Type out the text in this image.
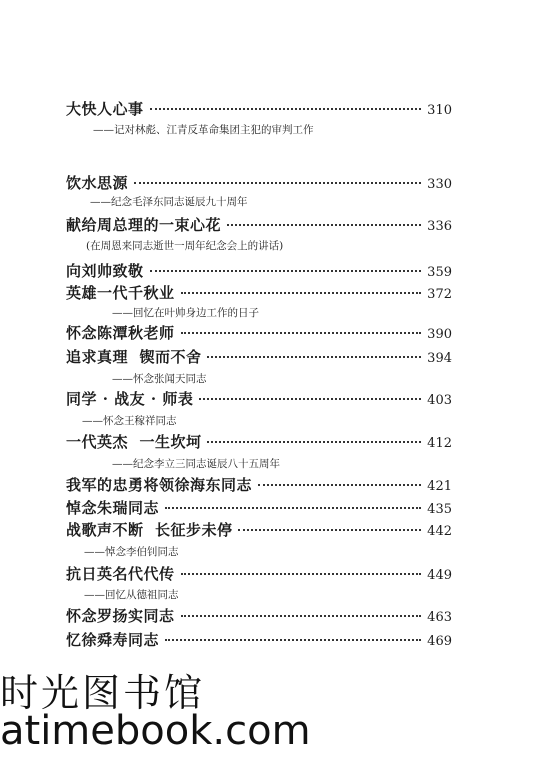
大快人心事	310
——记对林彪、江青反革命集团主犯的审判工作
饮水思源	330
——纪念毛泽东同志诞辰九十周年
献给周总理的一束心花	336
(在周恩来同志逝世一周年纪念会上的讲话)
向刘帅致敬	359
英雄一代千秋业	372
——回忆在叶帅身边工作的日子
怀念陈潭秋老师	390
追求真理  锲而不舍	394
——怀念张闻天同志
同学 · 战友 · 师表	403
——怀念王稼祥同志
一代英杰  一生坎坷	412
——纪念李立三同志诞辰八十五周年
我军的忠勇将领徐海东同志	421
悼念朱瑞同志	435
战歌声不断  长征步未停	442
——悼念李伯钊同志
抗日英名代代传	449
——回忆从德祖同志
怀念罗扬实同志	463
忆徐舜寿同志	469
时光图书馆
atimebook.com
